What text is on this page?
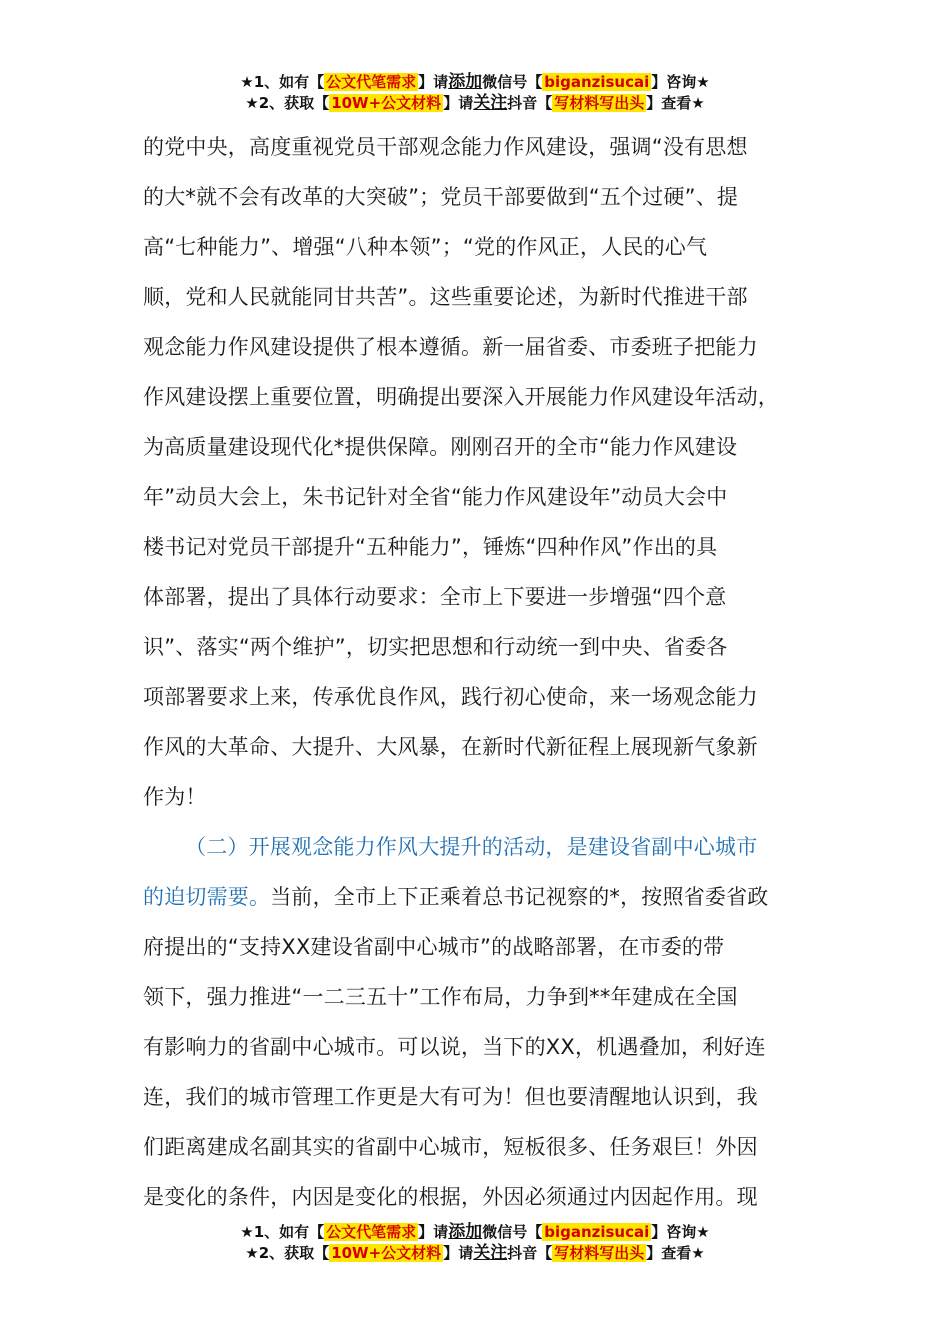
★1、如有【 公文代笔需求 】请添加微信号【 biganzisucai 】咨询★
★2、获取【 10W+公文材料 】请关注抖音【 写材料写出头 】查看★
的党中央，高度重视党员干部观念能力作风建设，强调“没有思想
的大*就不会有改革的大突破”；党员干部要做到“五个过硬”、提
高“七种能力”、增强“八种本领”；“党的作风正，人民的心气
顺，党和人民就能同甘共苦”。这些重要论述，为新时代推进干部
观念能力作风建设提供了根本遵循。新一届省委、市委班子把能力
作风建设摆上重要位置，明确提出要深入开展能力作风建设年活动，
为高质量建设现代化*提供保障。刚刚召开的全市“能力作风建设
年”动员大会上，朱书记针对全省“能力作风建设年”动员大会中
楼书记对党员干部提升“五种能力”，锤炼“四种作风”作出的具
体部署，提出了具体行动要求：全市上下要进一步增强“四个意
识”、落实“两个维护”，切实把思想和行动统一到中央、省委各
项部署要求上来，传承优良作风，践行初心使命，来一场观念能力
作风的大革命、大提升、大风暴，在新时代新征程上展现新气象新
作为！
（二）开展观念能力作风大提升的活动，是建设省副中心城市
的迫切需要。当前，全市上下正乘着总书记视察的*，按照省委省政
府提出的“支持XX建设省副中心城市”的战略部署，在市委的带
领下，强力推进“一二三五十”工作布局，力争到**年建成在全国
有影响力的省副中心城市。可以说，当下的XX，机遇叠加，利好连
连，我们的城市管理工作更是大有可为！但也要清醒地认识到，我
们距离建成名副其实的省副中心城市，短板很多、任务艰巨！外因
是变化的条件，内因是变化的根据，外因必须通过内因起作用。现
★1、如有【 公文代笔需求 】请添加微信号【 biganzisucai 】咨询★
★2、获取【 10W+公文材料 】请关注抖音【 写材料写出头 】查看★
